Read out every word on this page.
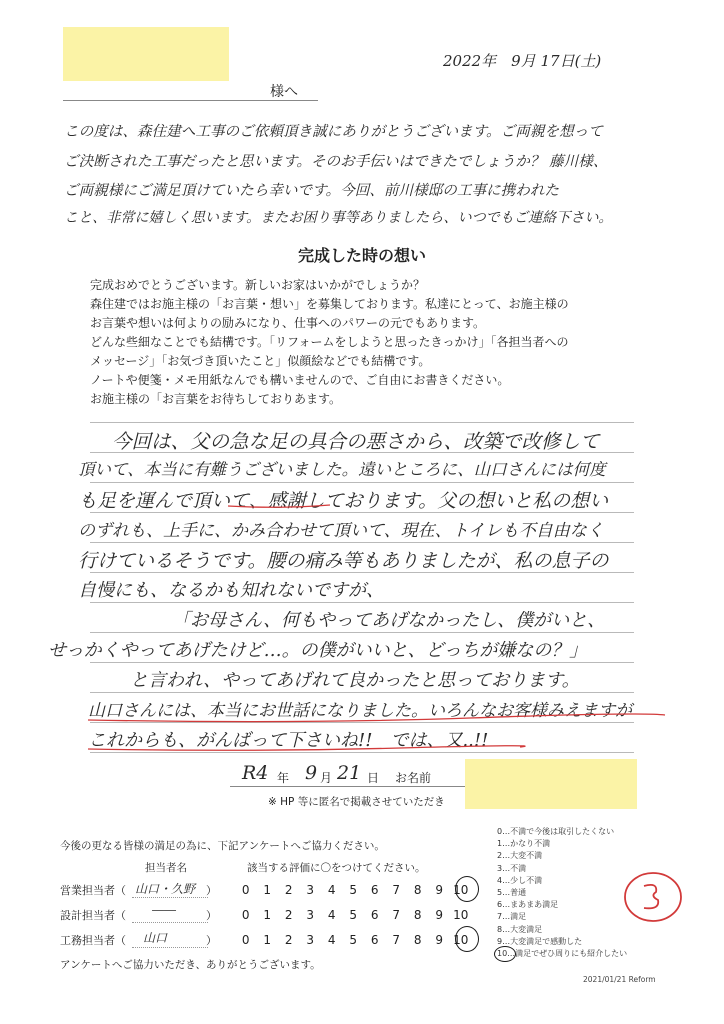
2022年　9月 17日(土)
様へ
この度は、森住建へ工事のご依頼頂き誠にありがとうございます。ご両親を想って
ご決断された工事だったと思います。そのお手伝いはできたでしょうか？ 藤川様、
ご両親様にご満足頂けていたら幸いです。今回、前川様邸の工事に携われた
こと、非常に嬉しく思います。またお困り事等ありましたら、いつでもご連絡下さい。
完成した時の想い
完成おめでとうございます。新しいお家はいかがでしょうか？
森住建ではお施主様の「お言葉・想い」を募集しております。私達にとって、お施主様の
お言葉や想いは何よりの励みになり、仕事へのパワーの元でもあります。
どんな些細なことでも結構です。「リフォームをしようと思ったきっかけ」「各担当者への
メッセージ」「お気づき頂いたこと」似顔絵などでも結構です。
ノートや便箋・メモ用紙なんでも構いませんので、ご自由にお書きください。
お施主様の「お言葉をお待ちしておりあます。
今回は、父の急な足の具合の悪さから、改築で改修して
頂いて、本当に有難うございました。遠いところに、山口さんには何度
も足を運んで頂いて、感謝しております。父の想いと私の想い
のずれも、上手に、かみ合わせて頂いて、現在、トイレも不自由なく
行けているそうです。腰の痛み等もありましたが、私の息子の
自慢にも、なるかも知れないですが、
「お母さん、何もやってあげなかったし、僕がいと、
せっかくやってあげたけど…。の僕がいいと、どっちが嫌なの？」
と言われ、やってあげれて良かったと思っております。
山口さんには、本当にお世話になりました。いろんなお客様みえますが
これからも、がんばって下さいね!!　では、又..!!
R4 年 9 月 21 日 お名前
※ HP 等に匿名で掲載させていただき
今後の更なる皆様の満足の為に、下記アンケートへご協力ください。
担当者名	該当する評価に〇をつけてください。
営業担当者（ 山口・久野 ）	0	1	2	3	4	5	6	7	8	9 10
設計担当者（ ――	）	0	1	2	3	4	5	6	7	8	9 10
工務担当者（ 山口	）	0	1	2	3	4	5	6	7	8	9 10
アンケートへご協力いただき、ありがとうございます。
0…不満で今後は取引したくない
1…かなり不満
2…大変不満
3…不満
4…少し不満
5…普通
6…まあまあ満足
7…満足
8…大変満足
9…大変満足で感動した
10…満足でぜひ周りにも紹介したい
2021/01/21 Reform
